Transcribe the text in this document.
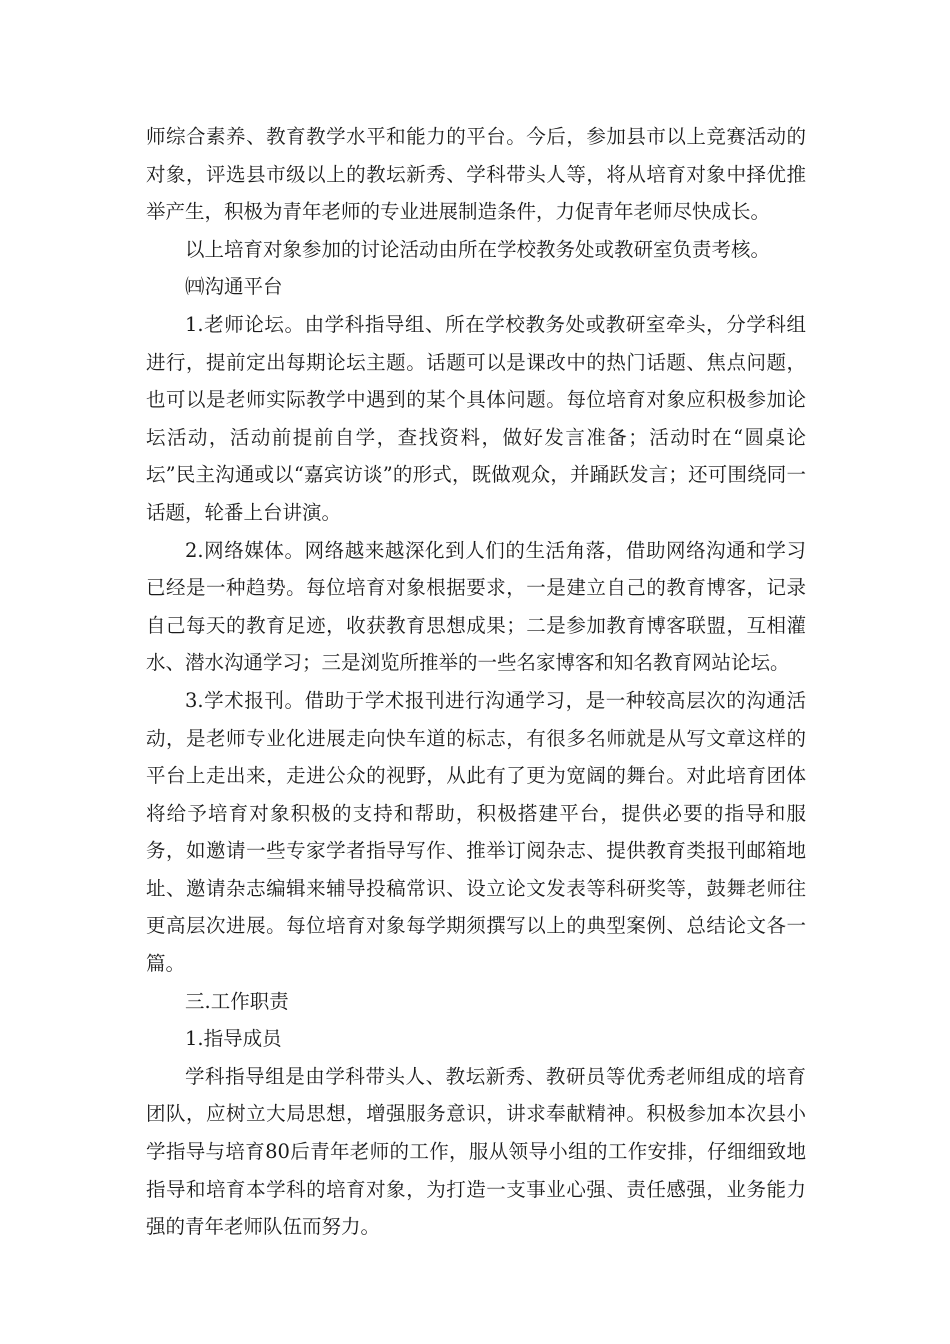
师综合素养、教育教学水平和能力的平台。今后，参加县市以上竞赛活动的对象，评选县市级以上的教坛新秀、学科带头人等，将从培育对象中择优推举产生，积极为青年老师的专业进展制造条件，力促青年老师尽快成长。

以上培育对象参加的讨论活动由所在学校教务处或教研室负责考核。

㈣沟通平台

1.老师论坛。由学科指导组、所在学校教务处或教研室牵头，分学科组进行，提前定出每期论坛主题。话题可以是课改中的热门话题、焦点问题，也可以是老师实际教学中遇到的某个具体问题。每位培育对象应积极参加论坛活动，活动前提前自学，查找资料，做好发言准备；活动时在“圆桌论坛”民主沟通或以“嘉宾访谈”的形式，既做观众，并踊跃发言；还可围绕同一话题，轮番上台讲演。

2.网络媒体。网络越来越深化到人们的生活角落，借助网络沟通和学习已经是一种趋势。每位培育对象根据要求，一是建立自己的教育博客，记录自己每天的教育足迹，收获教育思想成果；二是参加教育博客联盟，互相灌水、潜水沟通学习；三是浏览所推举的一些名家博客和知名教育网站论坛。

3.学术报刊。借助于学术报刊进行沟通学习，是一种较高层次的沟通活动，是老师专业化进展走向快车道的标志，有很多名师就是从写文章这样的平台上走出来，走进公众的视野，从此有了更为宽阔的舞台。对此培育团体将给予培育对象积极的支持和帮助，积极搭建平台，提供必要的指导和服务，如邀请一些专家学者指导写作、推举订阅杂志、提供教育类报刊邮箱地址、邀请杂志编辑来辅导投稿常识、设立论文发表等科研奖等，鼓舞老师往更高层次进展。每位培育对象每学期须撰写以上的典型案例、总结论文各一篇。

三.工作职责

1.指导成员

学科指导组是由学科带头人、教坛新秀、教研员等优秀老师组成的培育团队，应树立大局思想，增强服务意识，讲求奉献精神。积极参加本次县小学指导与培育80后青年老师的工作，服从领导小组的工作安排，仔细细致地指导和培育本学科的培育对象，为打造一支事业心强、责任感强，业务能力强的青年老师队伍而努力。
